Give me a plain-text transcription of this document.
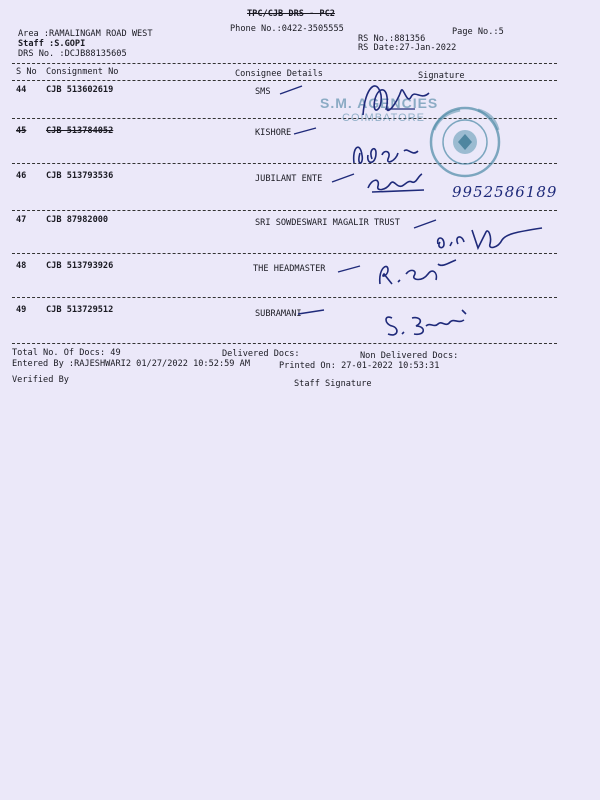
TPC/CJB DRS - PC2
Phone No.:0422-3505555	Page No.:5
Area :RAMALINGAM ROAD WEST
Staff :S.GOPI
DRS No. :DCJB88135605
RS No.:881356
RS Date:27-Jan-2022
S No Consignment No	Consignee Details	Signature
44 CJB 513602619	SMS
45 CJB 513784052	KISHORE
46 CJB 513793536	JUBILANT ENTE
47 CJB 87982000	SRI SOWDESWARI MAGALIR TRUST
48 CJB 513793926	THE HEADMASTER
49 CJB 513729512	SUBRAMANI
Total No. Of Docs: 49	Delivered Docs:	Non Delivered Docs:
Entered By :RAJESHWARI2 01/27/2022 10:52:59 AM	Printed On: 27-01-2022 10:53:31
Verified By	Staff Signature
S.M. AGENCIES
COIMBATORE
9952586189
